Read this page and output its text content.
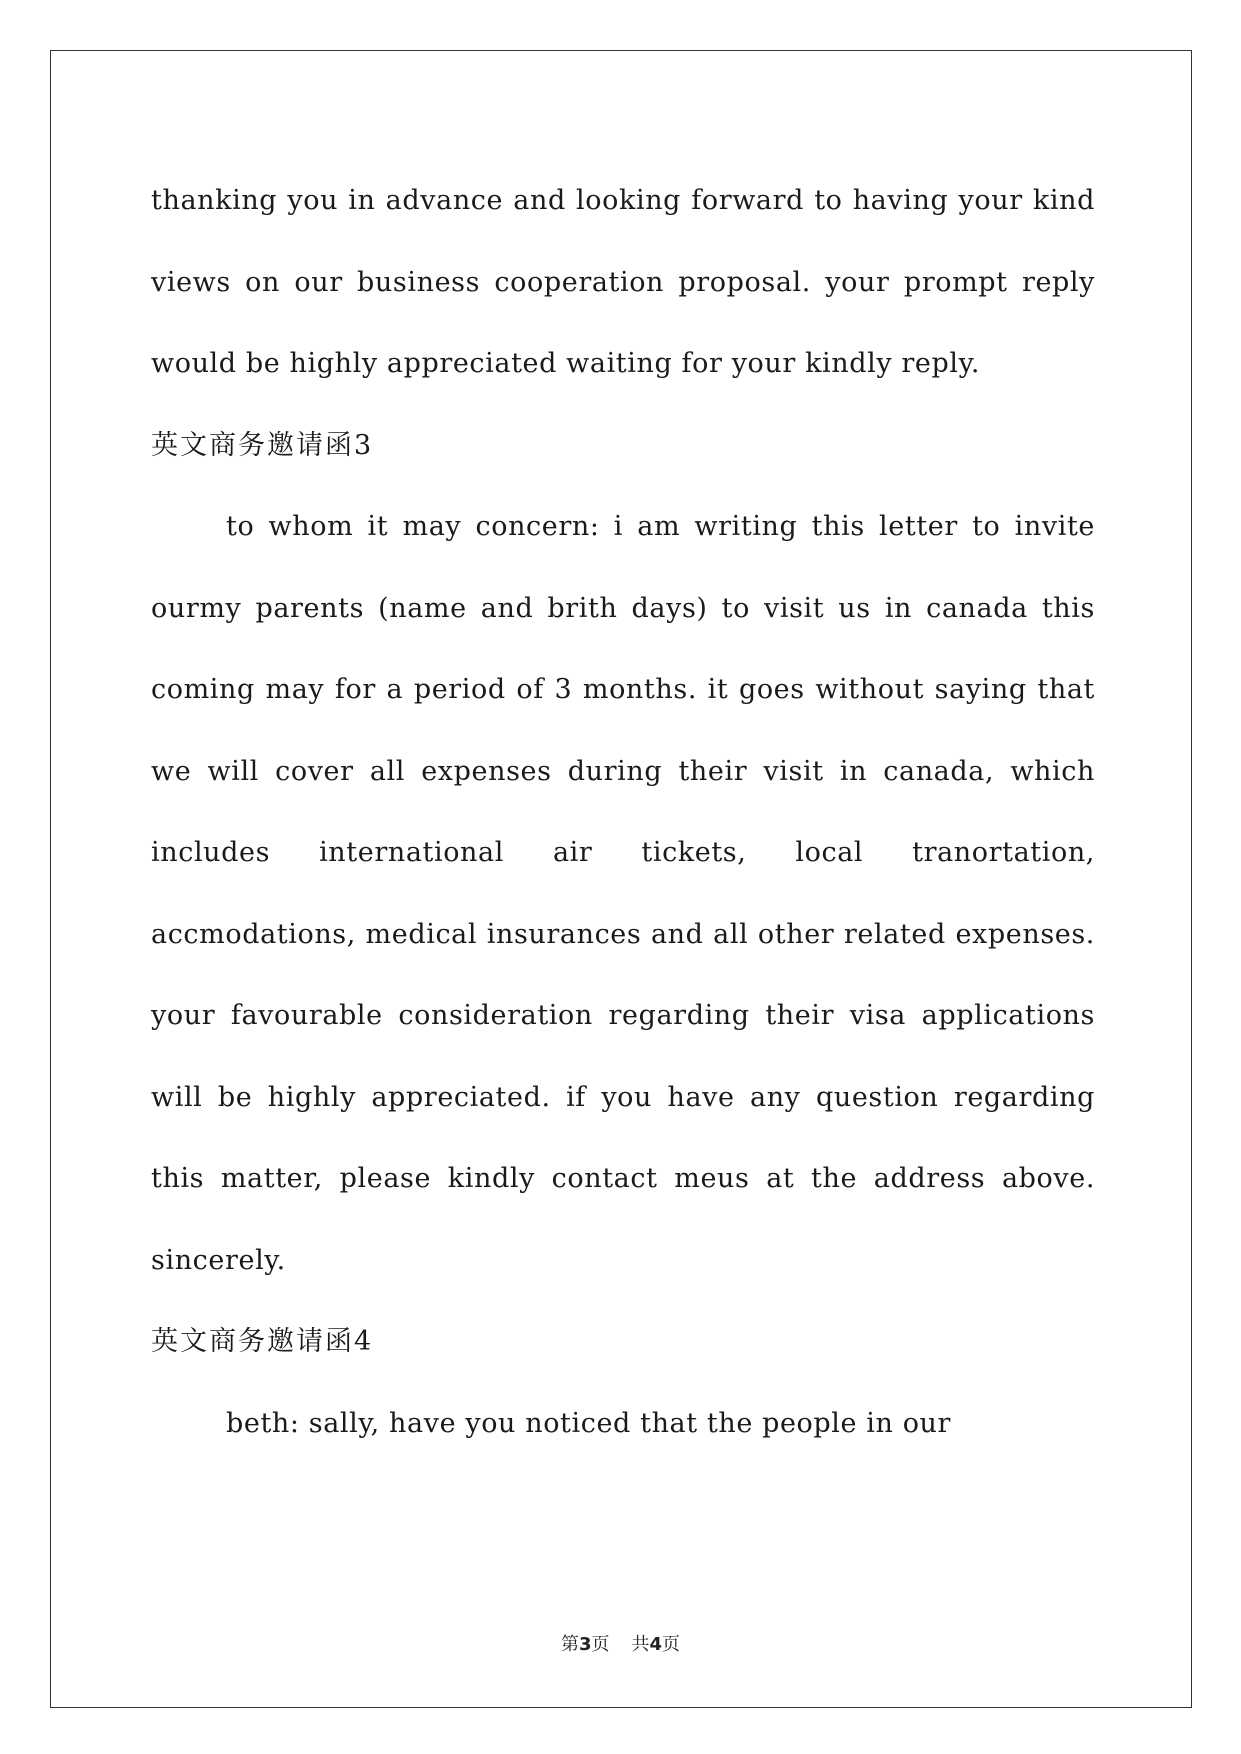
thanking you in advance and looking forward to having your kind views on our business cooperation proposal. your prompt reply would be highly appreciated waiting for your kindly reply.

英文商务邀请函3

to whom it may concern: i am writing this letter to invite ourmy parents (name and brith days) to visit us in canada this coming may for a period of 3 months. it goes without saying that we will cover all expenses during their visit in canada, which includes international air tickets, local tranortation, accmodations, medical insurances and all other related expenses. your favourable consideration regarding their visa applications will be highly appreciated. if you have any question regarding this matter, please kindly contact meus at the address above. sincerely.

英文商务邀请函4

beth: sally, have you noticed that the people in our

第3页 共4页
